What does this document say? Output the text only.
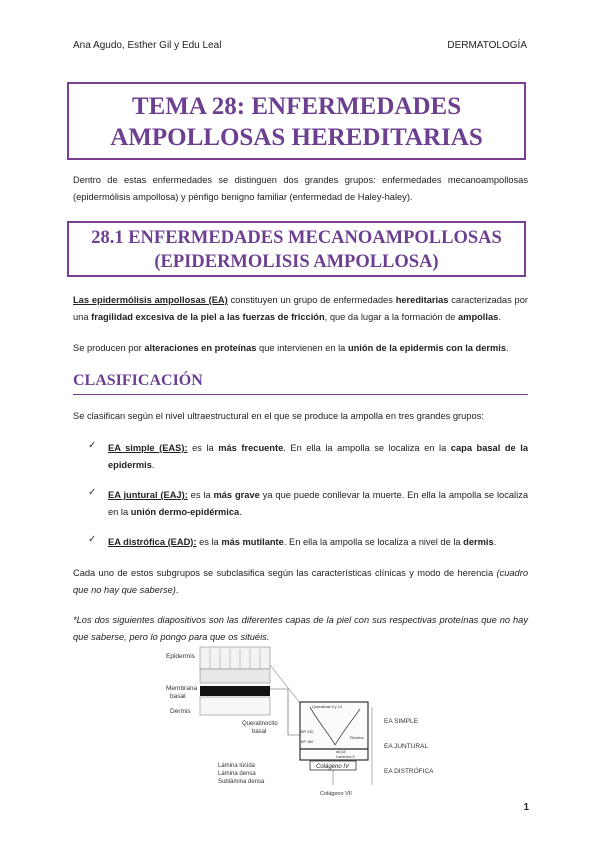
Ana Agudo, Esther Gil y Edu Leal	DERMATOLOGÍA
TEMA 28: ENFERMEDADES
AMPOLLOSAS HEREDITARIAS
Dentro de estas enfermedades se distinguen dos grandes grupos: enfermedades mecanoampollosas (epidermólisis ampollosa) y pénfigo benigno familiar (enfermedad de Haley-haley).
28.1 ENFERMEDADES MECANOAMPOLLOSAS
(EPIDERMOLISIS AMPOLLOSA)
Las epidermólisis ampollosas (EA) constituyen un grupo de enfermedades hereditarias caracterizadas por una fragilidad excesiva de la piel a las fuerzas de fricción, que da lugar a la formación de ampollas.
Se producen por alteraciones en proteínas que intervienen en la unión de la epidermis con la dermis.
CLASIFICACIÓN
Se clasifican según el nivel ultraestructural en el que se produce la ampolla en tres grandes grupos:
✓ EA simple (EAS): es la más frecuente. En ella la ampolla se localiza en la capa basal de la epidermis.
✓ EA juntural (EAJ): es la más grave ya que puede conllevar la muerte. En ella la ampolla se localiza en la unión dermo-epidérmica.
✓ EA distrófica (EAD): es la más mutilante. En ella la ampolla se localiza a nivel de la dermis.
Cada uno de estos subgrupos se subclasifica según las características clínicas y modo de herencia (cuadro que no hay que saberse).
*Los dos siguientes diapositivos son las diferentes capas de la piel con sus respectivas proteínas que no hay que saberse, pero lo pongo para que os situéis.
Epidermis
Membrana
basal
Dermis
Queratinocito
basal
Lámina lúcida
Lámina densa
Sublámina densa
Queratinas 5 y 14
BP 230
BP 180
Plectina
α6 β4
Laminina 5
Colágeno IV
Colágeno VII
EA SIMPLE
EA JUNTURAL
EA DISTRÓFICA
1
